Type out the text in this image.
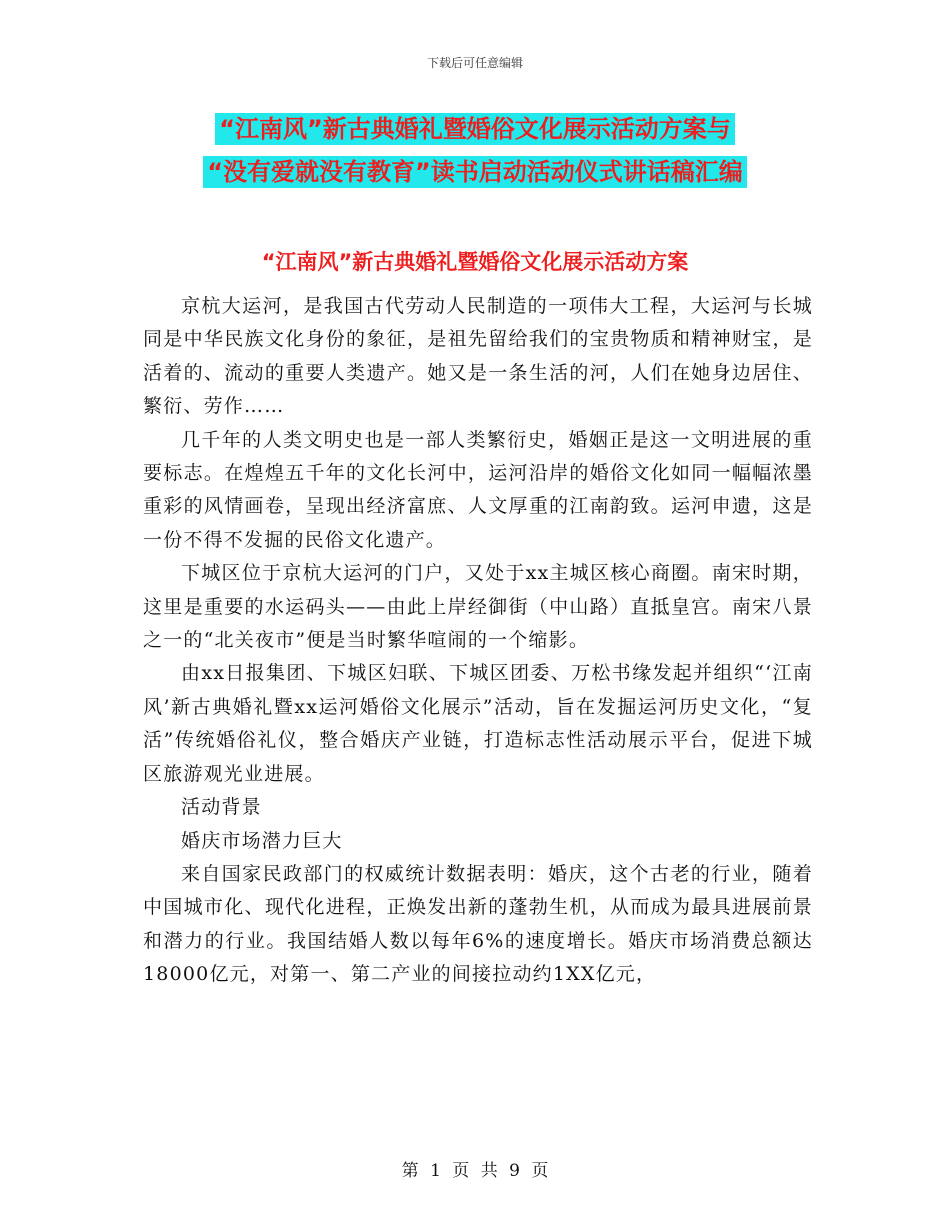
下载后可任意编辑
“江南风”新古典婚礼暨婚俗文化展示活动方案与
“没有爱就没有教育”读书启动活动仪式讲话稿汇编
“江南风”新古典婚礼暨婚俗文化展示活动方案

京杭大运河，是我国古代劳动人民制造的一项伟大工程，大运河与长城同是中华民族文化身份的象征，是祖先留给我们的宝贵物质和精神财宝，是活着的、流动的重要人类遗产。她又是一条生活的河，人们在她身边居住、繁衍、劳作……

几千年的人类文明史也是一部人类繁衍史，婚姻正是这一文明进展的重要标志。在煌煌五千年的文化长河中，运河沿岸的婚俗文化如同一幅幅浓墨重彩的风情画卷，呈现出经济富庶、人文厚重的江南韵致。运河申遗，这是一份不得不发掘的民俗文化遗产。

下城区位于京杭大运河的门户，又处于xx主城区核心商圈。南宋时期，这里是重要的水运码头——由此上岸经御街（中山路）直抵皇宫。南宋八景之一的“北关夜市”便是当时繁华喧闹的一个缩影。

由xx日报集团、下城区妇联、下城区团委、万松书缘发起并组织“‘江南风’新古典婚礼暨xx运河婚俗文化展示”活动，旨在发掘运河历史文化，“复活”传统婚俗礼仪，整合婚庆产业链，打造标志性活动展示平台，促进下城区旅游观光业进展。

活动背景

婚庆市场潜力巨大

来自国家民政部门的权威统计数据表明：婚庆，这个古老的行业，随着中国城市化、现代化进程，正焕发出新的蓬勃生机，从而成为最具进展前景和潜力的行业。我国结婚人数以每年6%的速度增长。婚庆市场消费总额达18000亿元，对第一、第二产业的间接拉动约1XX亿元，

第 1 页 共 9 页
